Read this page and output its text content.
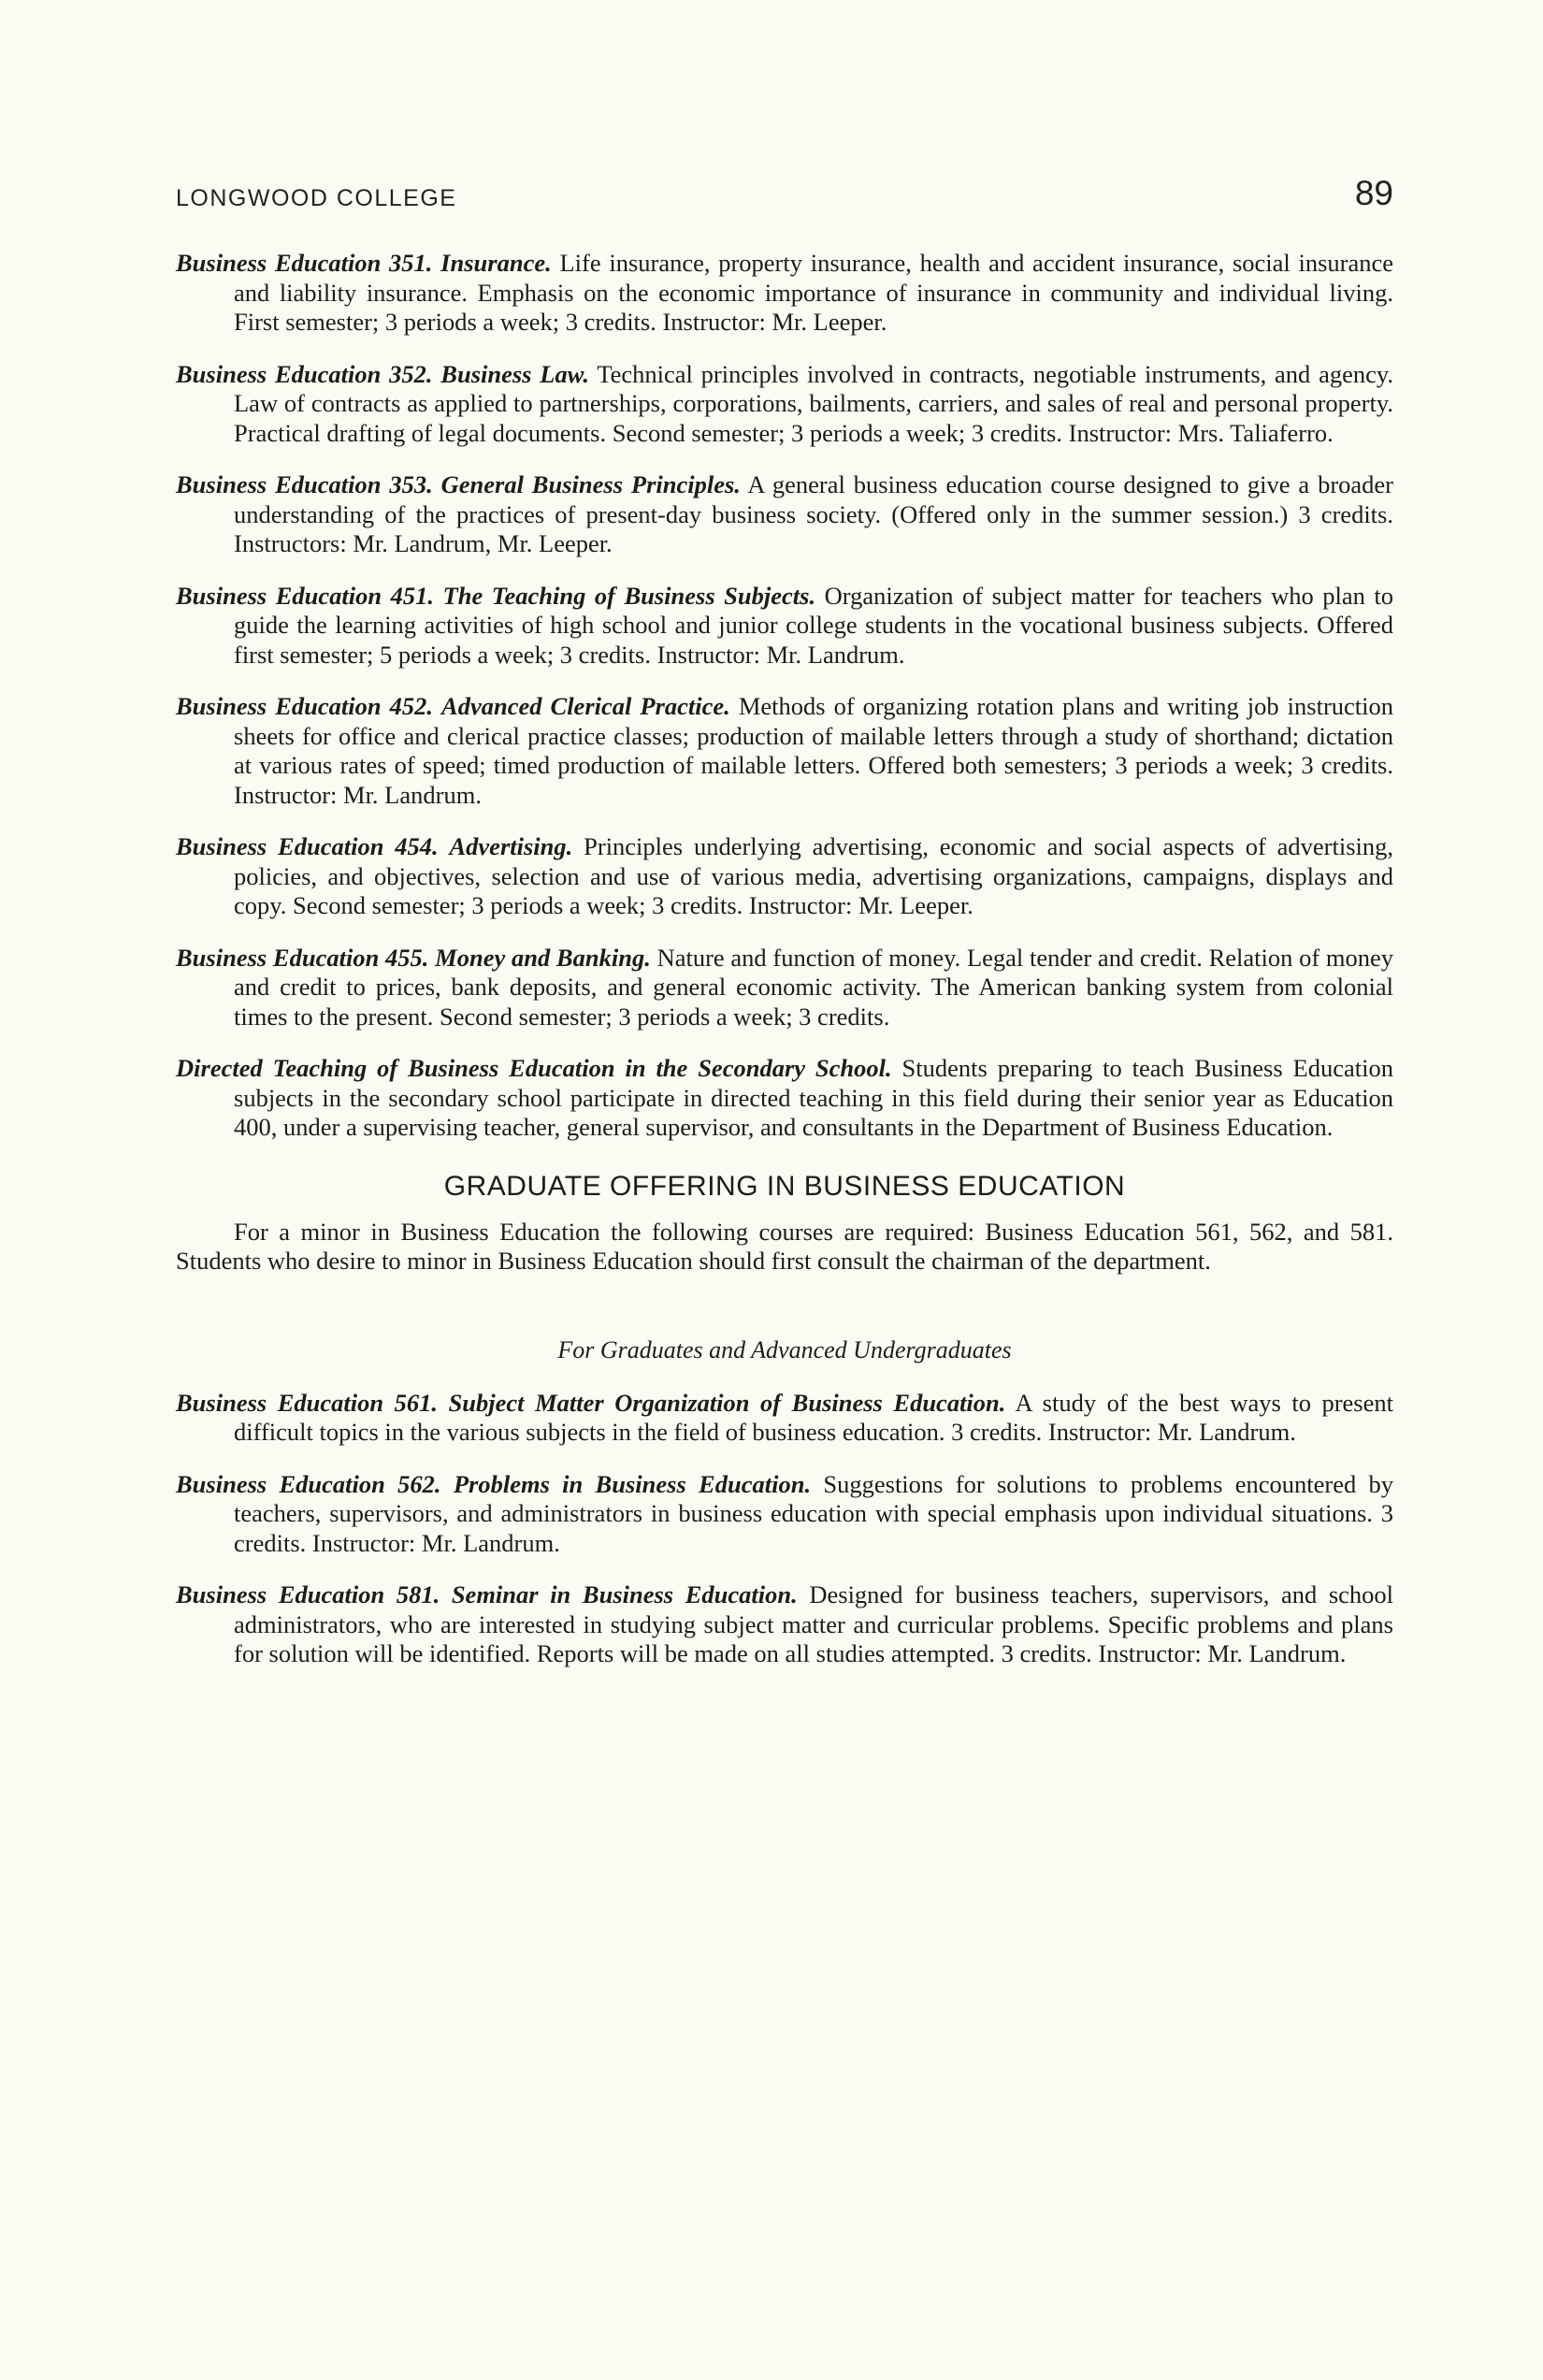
LONGWOOD COLLEGE	89

Business Education 351. Insurance. Life insurance, property insurance, health and accident insurance, social insurance and liability insurance. Emphasis on the economic importance of insurance in community and individual living. First semester; 3 periods a week; 3 credits. Instructor: Mr. Leeper.

Business Education 352. Business Law. Technical principles involved in contracts, negotiable instruments, and agency. Law of contracts as applied to partnerships, corporations, bailments, carriers, and sales of real and personal property. Practical drafting of legal documents. Second semester; 3 periods a week; 3 credits. Instructor: Mrs. Taliaferro.

Business Education 353. General Business Principles. A general business education course designed to give a broader understanding of the practices of present-day business society. (Offered only in the summer session.) 3 credits. Instructors: Mr. Landrum, Mr. Leeper.

Business Education 451. The Teaching of Business Subjects. Organization of subject matter for teachers who plan to guide the learning activities of high school and junior college students in the vocational business subjects. Offered first semester; 5 periods a week; 3 credits. Instructor: Mr. Landrum.

Business Education 452. Advanced Clerical Practice. Methods of organizing rotation plans and writing job instruction sheets for office and clerical practice classes; production of mailable letters through a study of shorthand; dictation at various rates of speed; timed production of mailable letters. Offered both semesters; 3 periods a week; 3 credits. Instructor: Mr. Landrum.

Business Education 454. Advertising. Principles underlying advertising, economic and social aspects of advertising, policies, and objectives, selection and use of various media, advertising organizations, campaigns, displays and copy. Second semester; 3 periods a week; 3 credits. Instructor: Mr. Leeper.

Business Education 455. Money and Banking. Nature and function of money. Legal tender and credit. Relation of money and credit to prices, bank deposits, and general economic activity. The American banking system from colonial times to the present. Second semester; 3 periods a week; 3 credits.

Directed Teaching of Business Education in the Secondary School. Students preparing to teach Business Education subjects in the secondary school participate in directed teaching in this field during their senior year as Education 400, under a supervising teacher, general supervisor, and consultants in the Department of Business Education.

GRADUATE OFFERING IN BUSINESS EDUCATION

For a minor in Business Education the following courses are required: Business Education 561, 562, and 581. Students who desire to minor in Business Education should first consult the chairman of the department.

For Graduates and Advanced Undergraduates

Business Education 561. Subject Matter Organization of Business Education. A study of the best ways to present difficult topics in the various subjects in the field of business education. 3 credits. Instructor: Mr. Landrum.

Business Education 562. Problems in Business Education. Suggestions for solutions to problems encountered by teachers, supervisors, and administrators in business education with special emphasis upon individual situations. 3 credits. Instructor: Mr. Landrum.

Business Education 581. Seminar in Business Education. Designed for business teachers, supervisors, and school administrators, who are interested in studying subject matter and curricular problems. Specific problems and plans for solution will be identified. Reports will be made on all studies attempted. 3 credits. Instructor: Mr. Landrum.
